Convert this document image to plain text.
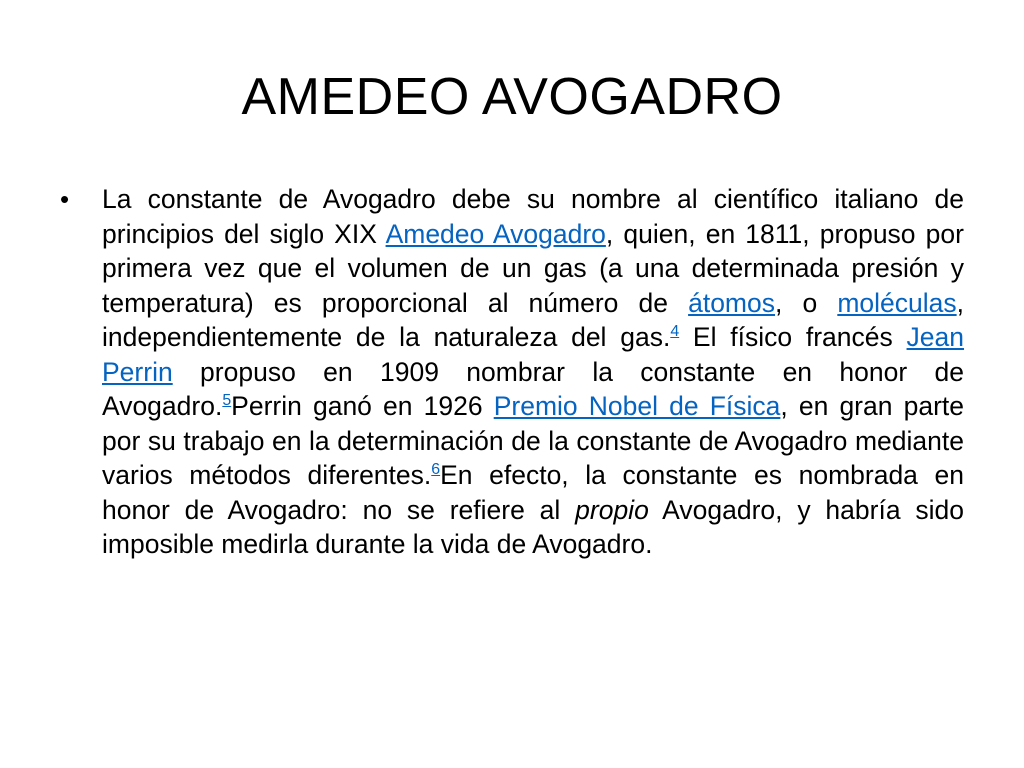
AMEDEO AVOGADRO
• La constante de Avogadro debe su nombre al científico italiano de principios del siglo XIX Amedeo Avogadro, quien, en 1811, propuso por primera vez que el volumen de un gas (a una determinada presión y temperatura) es proporcional al número de átomos, o moléculas, independientemente de la naturaleza del gas.$^4$ El físico francés Jean Perrin propuso en 1909 nombrar la constante en honor de Avogadro.$^5$Perrin ganó en 1926 Premio Nobel de Física, en gran parte por su trabajo en la determinación de la constante de Avogadro mediante varios métodos diferentes.$^6$En efecto, la constante es nombrada en honor de Avogadro: no se refiere al propio Avogadro, y habría sido imposible medirla durante la vida de Avogadro.
